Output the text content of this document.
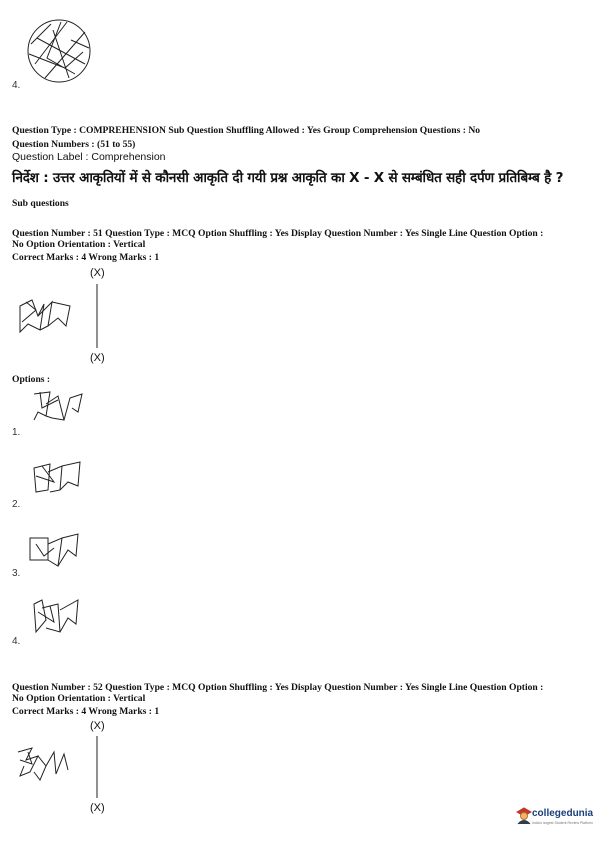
4.
Question Type : COMPREHENSION Sub Question Shuffling Allowed : Yes Group Comprehension Questions : No
Question Numbers : (51 to 55)
Question Label : Comprehension
निर्देश : उत्तर आकृतियों में से कौनसी आकृति दी गयी प्रश्न आकृति का X - X से सम्बंधित सही दर्पण प्रतिबिम्ब है ?
Sub questions
Question Number : 51 Question Type : MCQ Option Shuffling : Yes Display Question Number : Yes Single Line Question Option :
No Option Orientation : Vertical
Correct Marks : 4 Wrong Marks : 1
(X)
(X)
Options :
1.
2.
3.
4.
Question Number : 52 Question Type : MCQ Option Shuffling : Yes Display Question Number : Yes Single Line Question Option :
No Option Orientation : Vertical
Correct Marks : 4 Wrong Marks : 1
(X)
(X)	collegedunia
India's largest Student Review Platform
